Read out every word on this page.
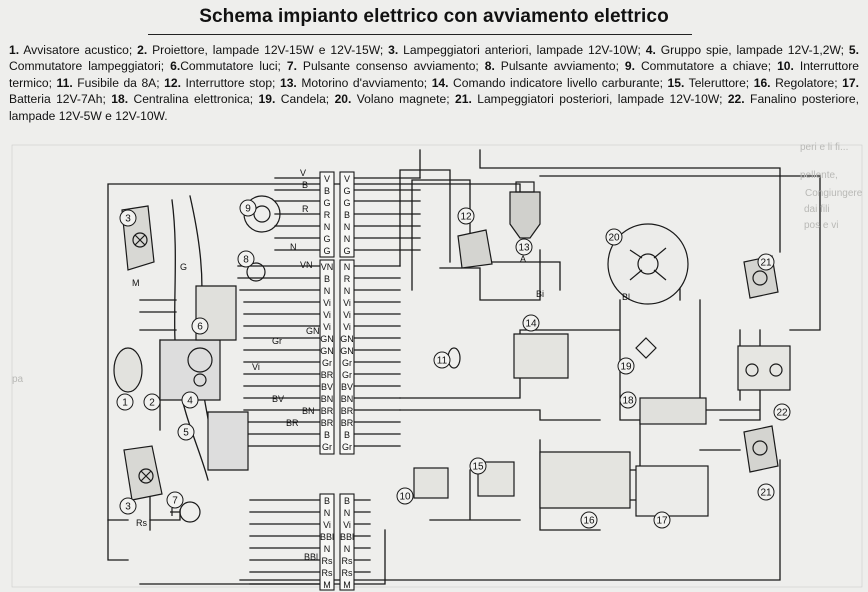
Schema impianto elettrico con avviamento elettrico
1. Avvisatore acustico; 2. Proiettore, lampade 12V-15W e 12V-15W; 3. Lampeggiatori anteriori, lampade 12V-10W; 4. Gruppo spie, lampade 12V-1,2W; 5. Commutatore lampeggiatori; 6.Commutatore luci; 7. Pulsante consenso avviamento; 8. Pulsante avviamento; 9. Commutatore a chiave; 10. Interruttore termico; 11. Fusibile da 8A; 12. Interruttore stop; 13. Motorino d'avviamento; 14. Comando indicatore livello carburante; 15. Teleruttore; 16. Regolatore; 17. Batteria 12V-7Ah; 18. Centralina elettronica; 19. Candela; 20. Volano magnete; 21. Lampeggiatori posteriori, lampade 12V-10W; 22. Fanalino posteriore, lampade 12V-5W e 12V-10W.
peri e li fi...
pellente,
Congiungere
dai fili
pos e vi
pa
1 2
3
3
4
5
6
7
8
9
10
11
12
13
14
15
16	17
18
19
20
21
21
22
V
B
G
R
N
G
G
V
G
G
B
N
N
G
VN
B
N
Vi
Vi
Vi
GN
GN
Gr
BR
BV
BN
BR
BR
B
Gr
N
R
N
Vi
Vi
Vi
GN
GN
Gr
Gr
BV
BN
BR
BR
B
Gr
B
N
Vi
BBl
N
Rs
Rs
M
B
N
Vi
BBl
N
Rs
Rs
M
V
G
B
R
N
M
Rs
Gr
BV
BN
BR
Vi
VN
GN
BBl
A
Bl
Bi
